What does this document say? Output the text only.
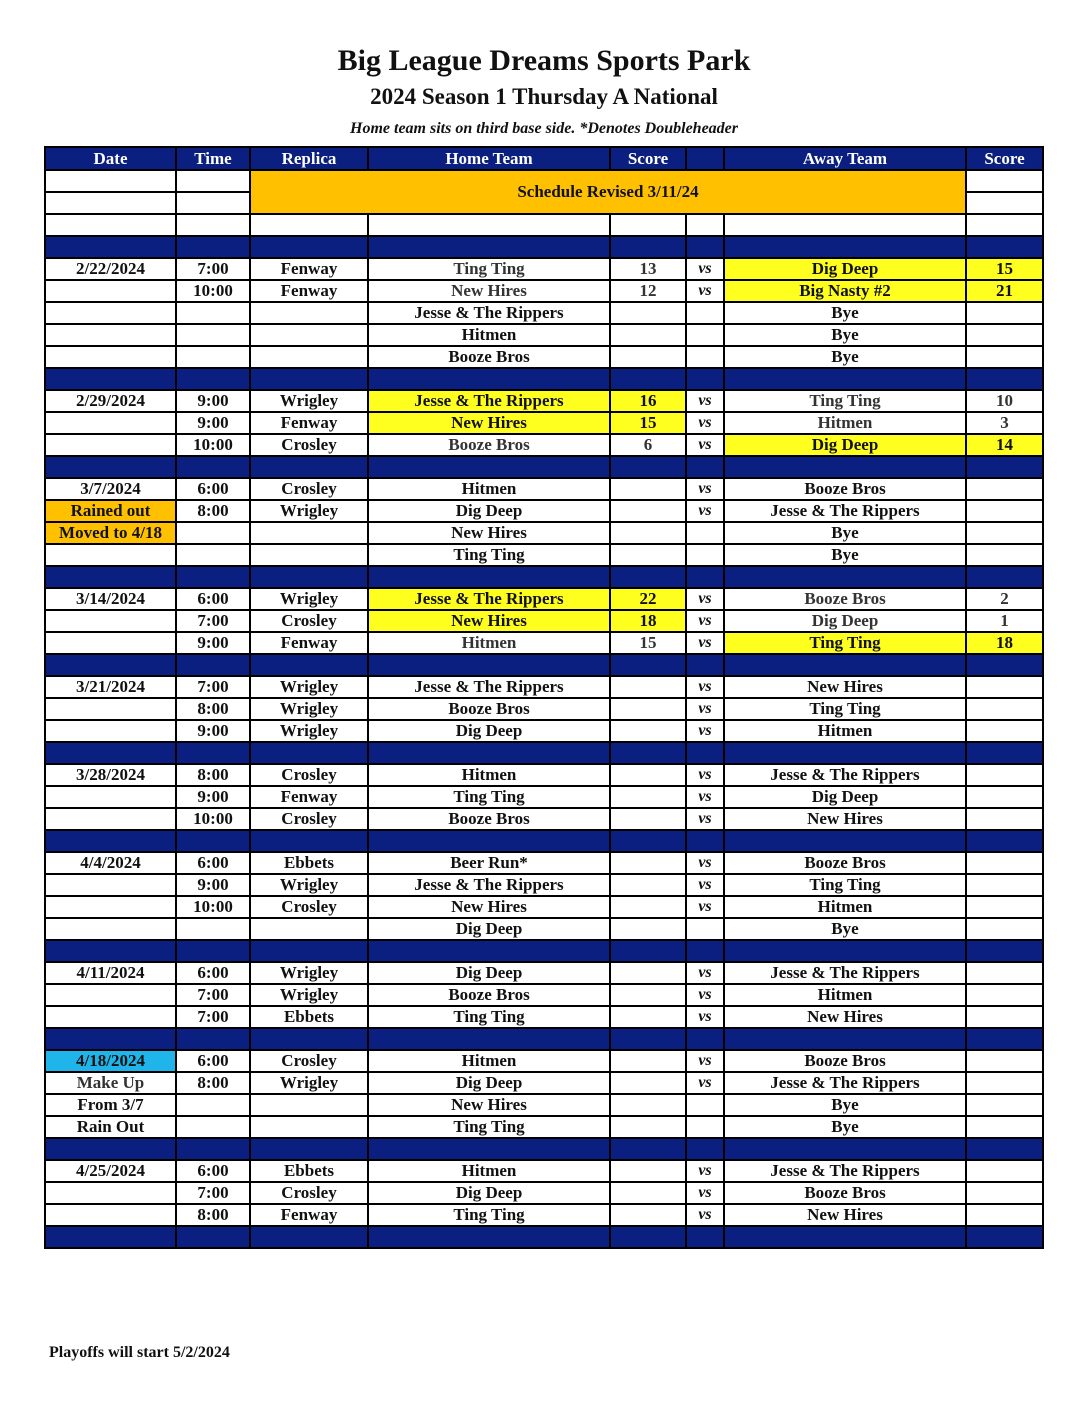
Big League Dreams Sports Park
2024 Season 1 Thursday A National
Home team sits on third base side. *Denotes Doubleheader
Date	Time	Replica	Home Team	Score		Away Team	Score
		Schedule Revised 3/11/24					

2/22/2024	7:00	Fenway	Ting Ting	13	vs	Dig Deep	15
	10:00	Fenway	New Hires	12	vs	Big Nasty #2	21
			Jesse & The Rippers			Bye	
			Hitmen			Bye	
			Booze Bros			Bye	

2/29/2024	9:00	Wrigley	Jesse & The Rippers	16	vs	Ting Ting	10
	9:00	Fenway	New Hires	15	vs	Hitmen	3
	10:00	Crosley	Booze Bros	6	vs	Dig Deep	14

3/7/2024	6:00	Crosley	Hitmen		vs	Booze Bros	
Rained out	8:00	Wrigley	Dig Deep		vs	Jesse & The Rippers	
Moved to 4/18			New Hires			Bye	
			Ting Ting			Bye	

3/14/2024	6:00	Wrigley	Jesse & The Rippers	22	vs	Booze Bros	2
	7:00	Crosley	New Hires	18	vs	Dig Deep	1
	9:00	Fenway	Hitmen	15	vs	Ting Ting	18

3/21/2024	7:00	Wrigley	Jesse & The Rippers		vs	New Hires	
	8:00	Wrigley	Booze Bros		vs	Ting Ting	
	9:00	Wrigley	Dig Deep		vs	Hitmen	

3/28/2024	8:00	Crosley	Hitmen		vs	Jesse & The Rippers	
	9:00	Fenway	Ting Ting		vs	Dig Deep	
	10:00	Crosley	Booze Bros		vs	New Hires	

4/4/2024	6:00	Ebbets	Beer Run*		vs	Booze Bros	
	9:00	Wrigley	Jesse & The Rippers		vs	Ting Ting	
	10:00	Crosley	New Hires		vs	Hitmen	
			Dig Deep			Bye	

4/11/2024	6:00	Wrigley	Dig Deep		vs	Jesse & The Rippers	
	7:00	Wrigley	Booze Bros		vs	Hitmen	
	7:00	Ebbets	Ting Ting		vs	New Hires	

4/18/2024	6:00	Crosley	Hitmen		vs	Booze Bros	
Make Up	8:00	Wrigley	Dig Deep		vs	Jesse & The Rippers	
From 3/7			New Hires			Bye	
Rain Out			Ting Ting			Bye	

4/25/2024	6:00	Ebbets	Hitmen		vs	Jesse & The Rippers	
	7:00	Crosley	Dig Deep		vs	Booze Bros	
	8:00	Fenway	Ting Ting		vs	New Hires	

Playoffs will start 5/2/2024
